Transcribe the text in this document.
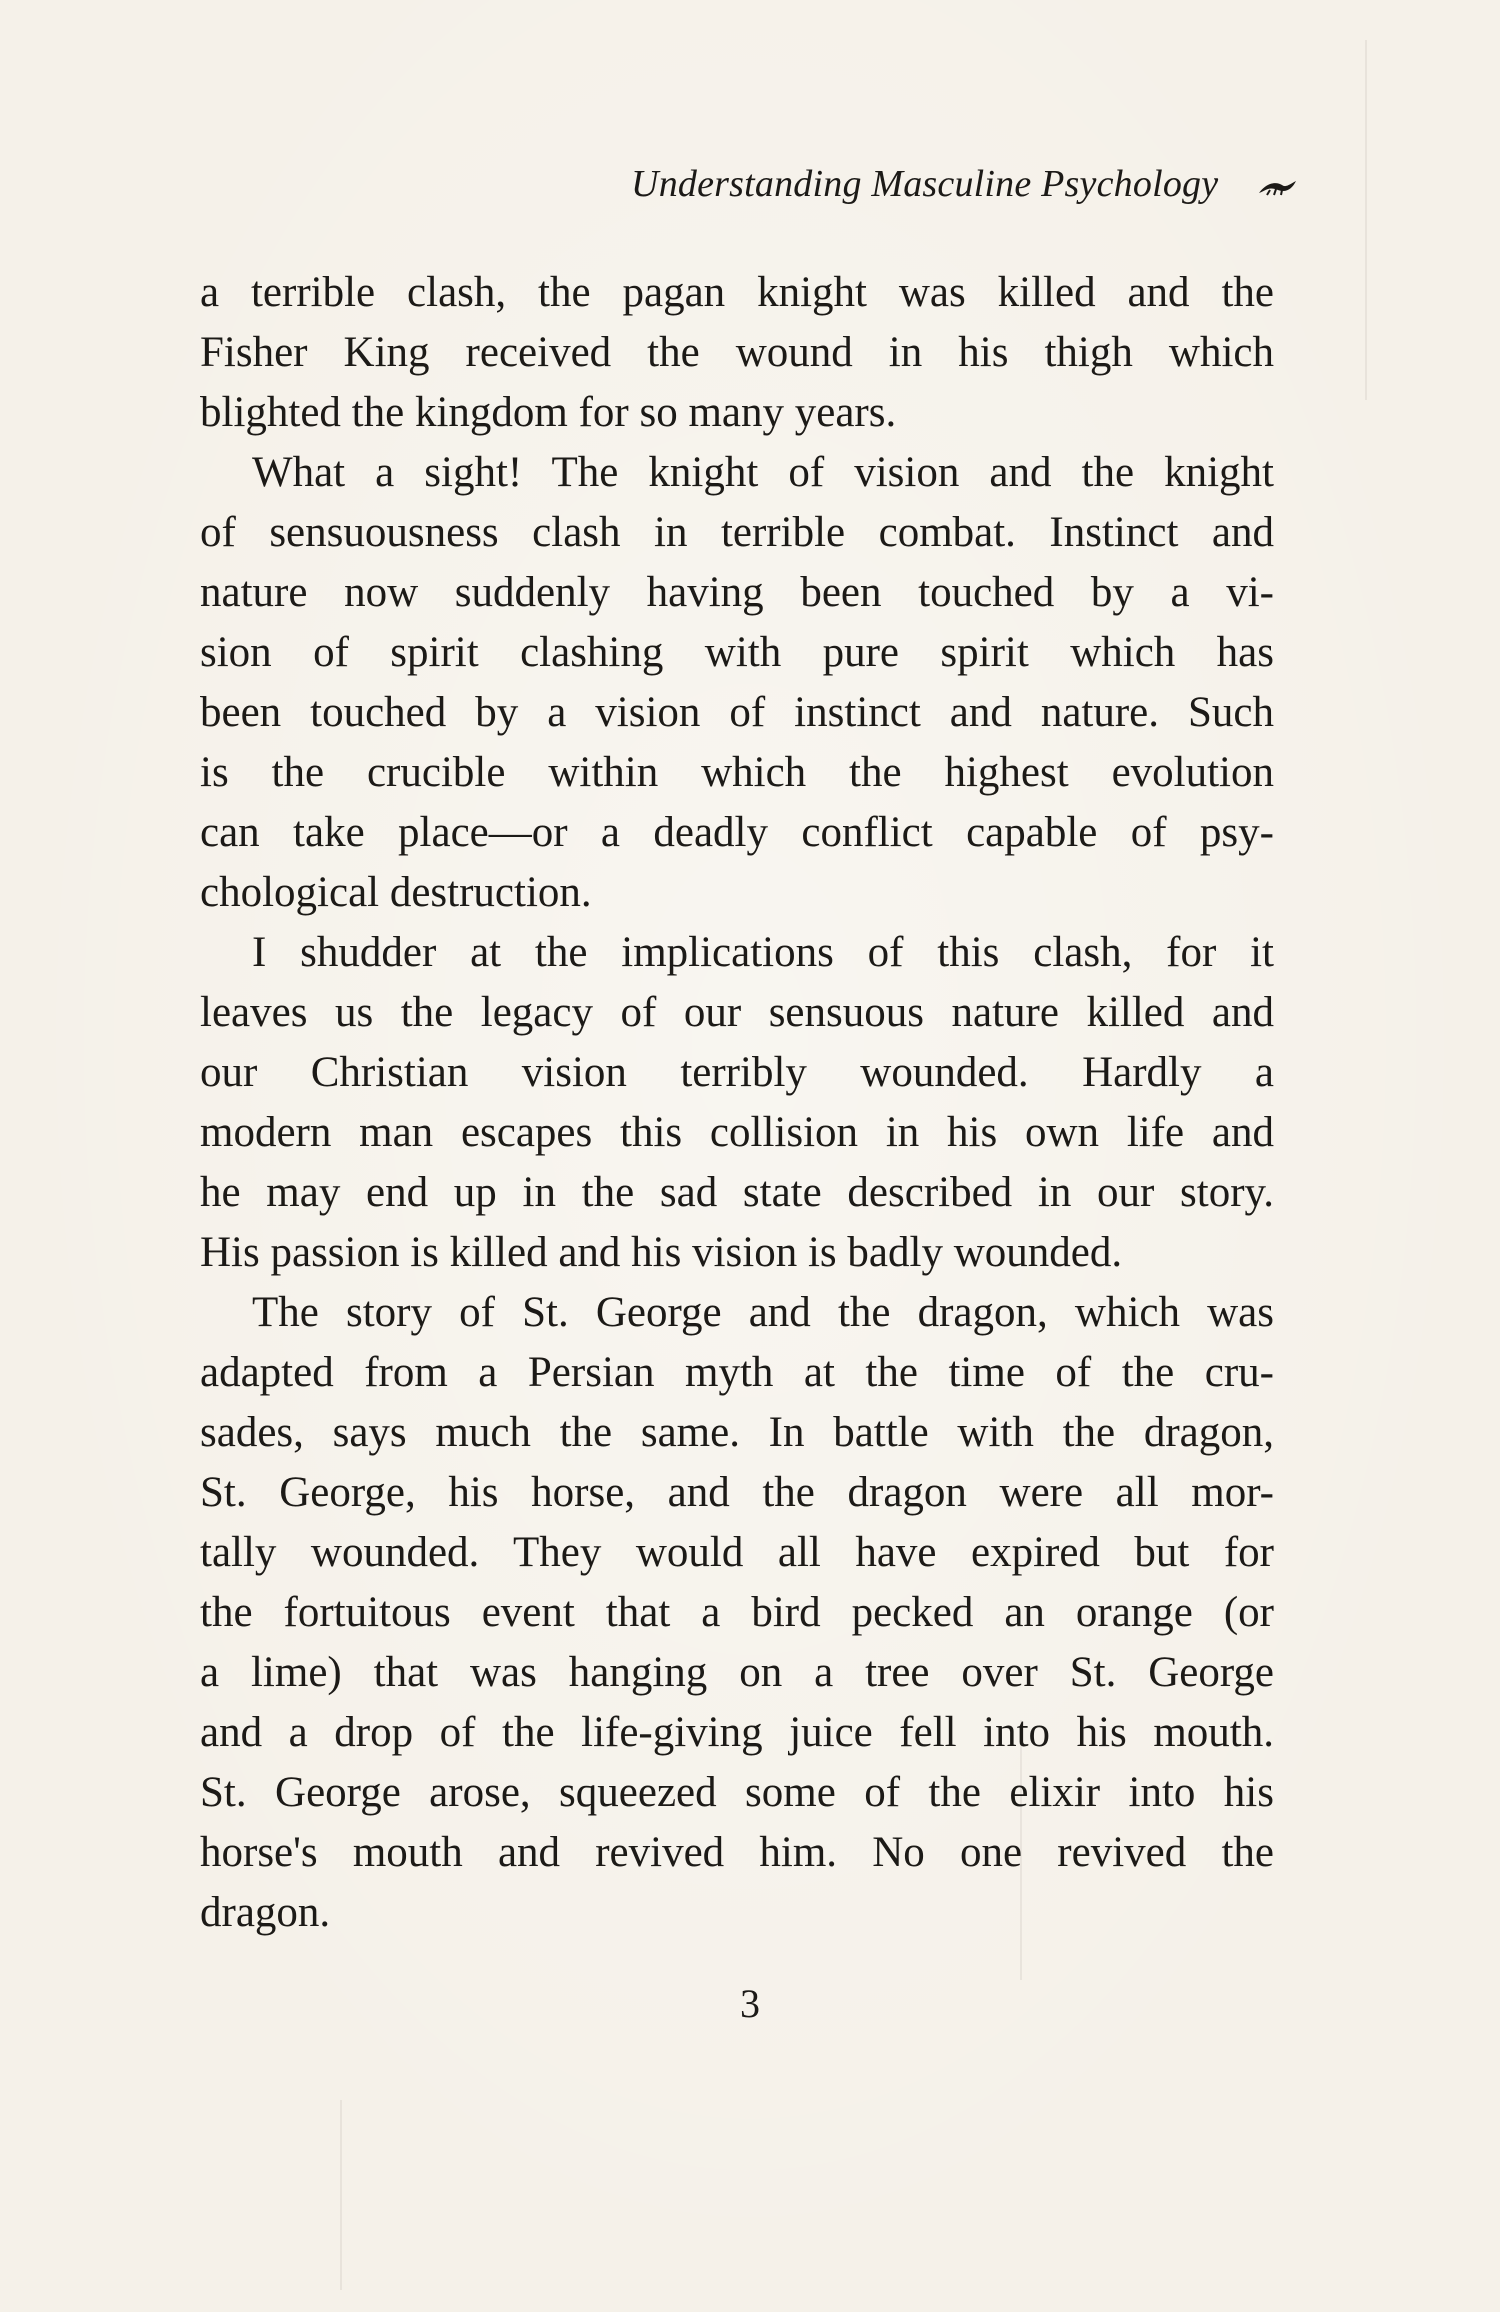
Understanding Masculine Psychology
a terrible clash, the pagan knight was killed and the
Fisher King received the wound in his thigh which
blighted the kingdom for so many years.
What a sight! The knight of vision and the knight
of sensuousness clash in terrible combat. Instinct and
nature now suddenly having been touched by a vi-
sion of spirit clashing with pure spirit which has
been touched by a vision of instinct and nature. Such
is the crucible within which the highest evolution
can take place—or a deadly conflict capable of psy-
chological destruction.
I shudder at the implications of this clash, for it
leaves us the legacy of our sensuous nature killed and
our Christian vision terribly wounded. Hardly a
modern man escapes this collision in his own life and
he may end up in the sad state described in our story.
His passion is killed and his vision is badly wounded.
The story of St. George and the dragon, which was
adapted from a Persian myth at the time of the cru-
sades, says much the same. In battle with the dragon,
St. George, his horse, and the dragon were all mor-
tally wounded. They would all have expired but for
the fortuitous event that a bird pecked an orange (or
a lime) that was hanging on a tree over St. George
and a drop of the life-giving juice fell into his mouth.
St. George arose, squeezed some of the elixir into his
horse's mouth and revived him. No one revived the
dragon.
3
